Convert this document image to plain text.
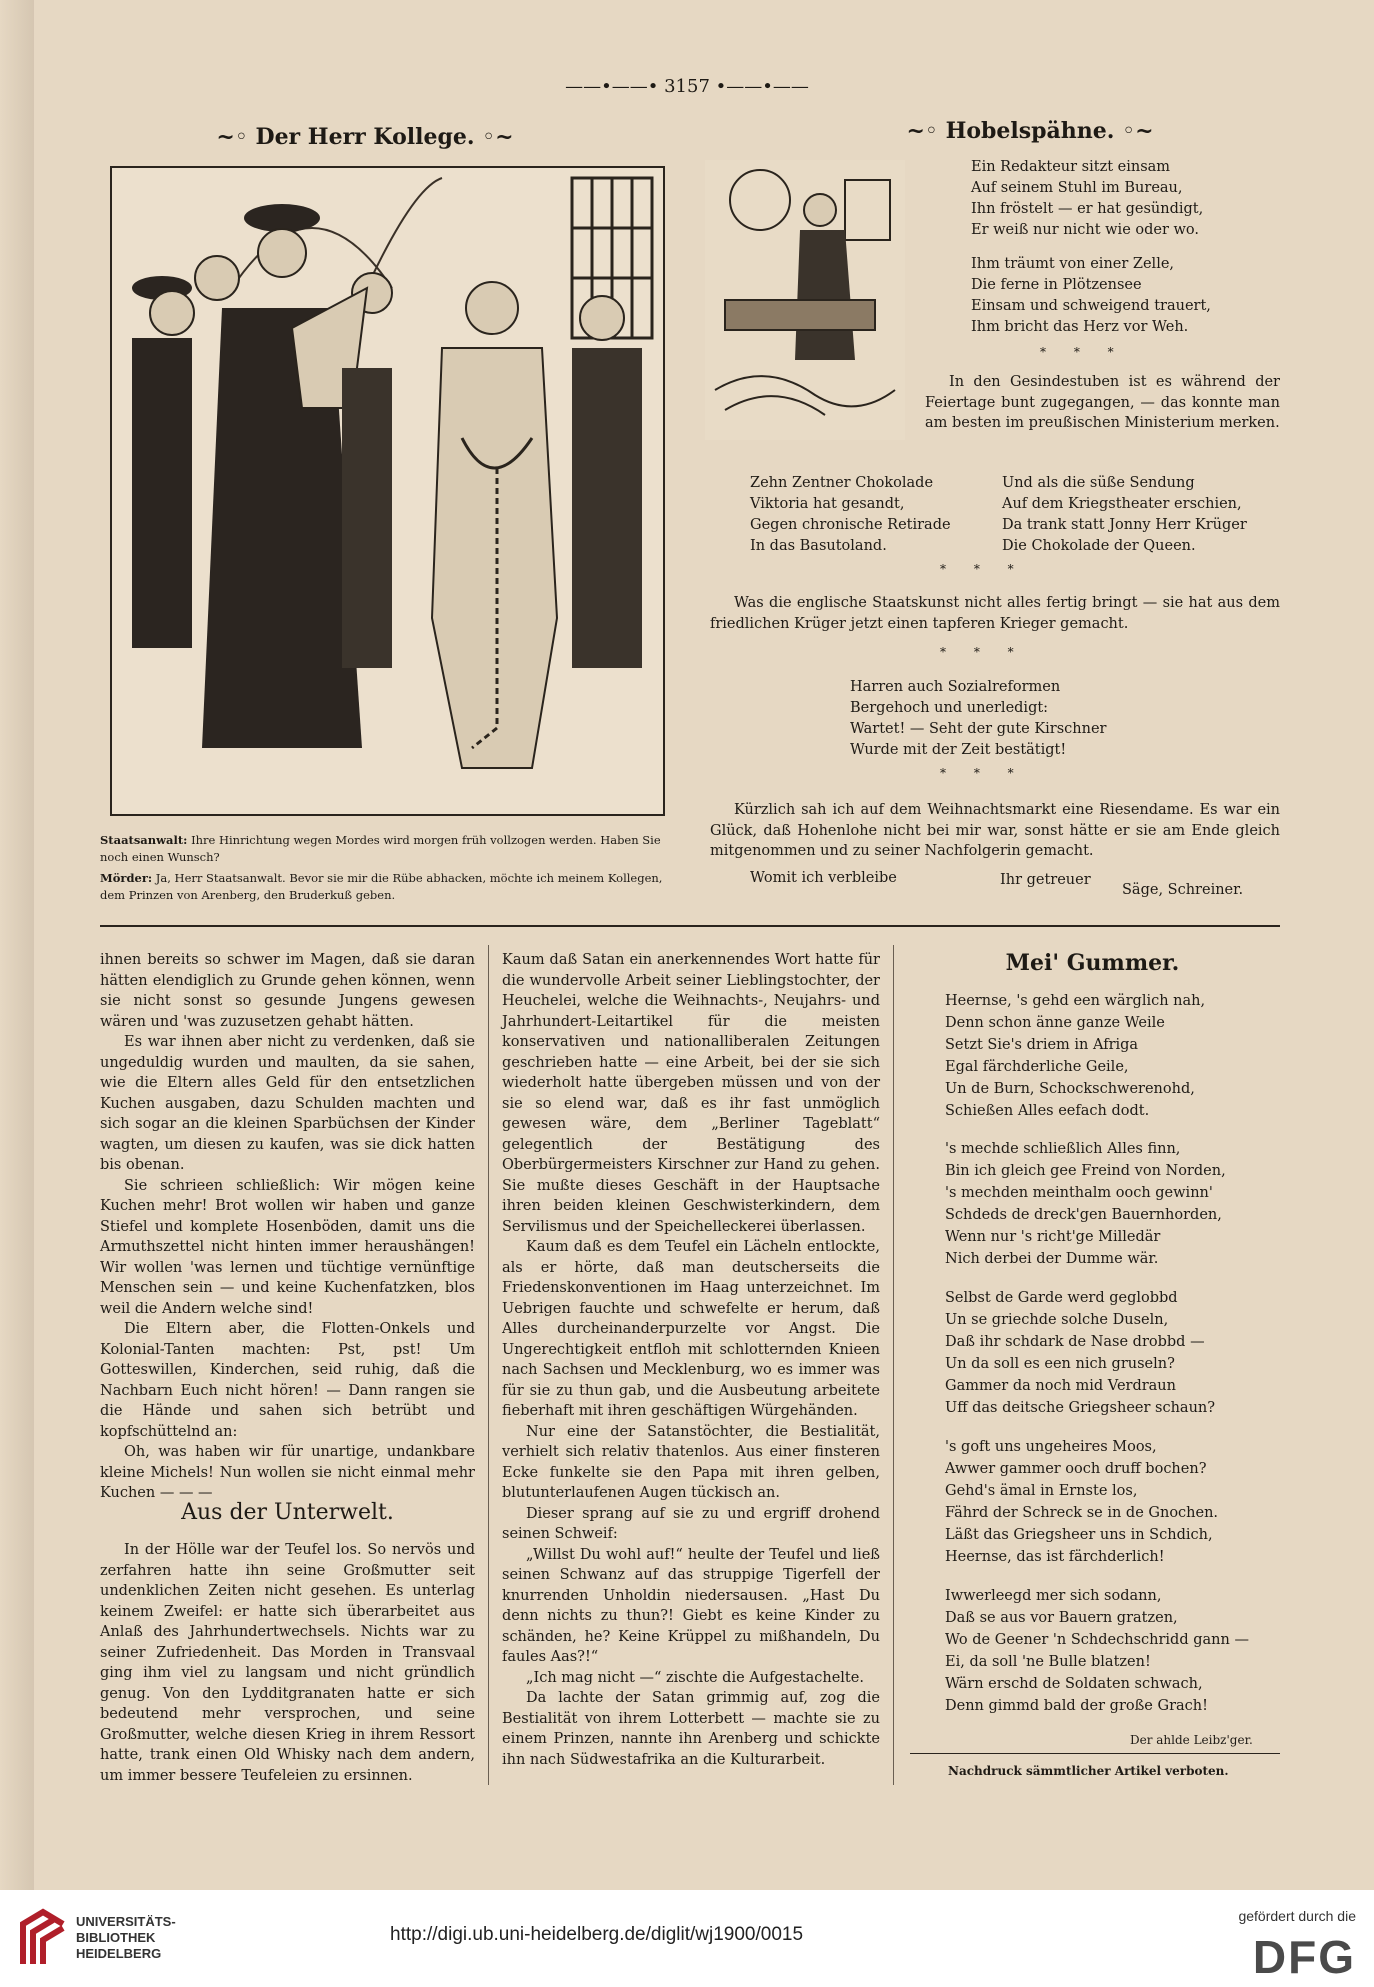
——•——• 3157 •——•——
~◦ Der Herr Kollege. ◦~

Staatsanwalt: Ihre Hinrichtung wegen Mordes wird morgen früh vollzogen werden. Haben Sie noch einen Wunsch?

Mörder: Ja, Herr Staatsanwalt. Bevor sie mir die Rübe abhacken, möchte ich meinem Kollegen, dem Prinzen von Arenberg, den Bruderkuß geben.

~◦ Hobelspähne. ◦~
Ein Redakteur sitzt einsam
Auf seinem Stuhl im Bureau,
Ihn fröstelt — er hat gesündigt,
Er weiß nur nicht wie oder wo.
Ihm träumt von einer Zelle,
Die ferne in Plötzensee
Einsam und schweigend trauert,
Ihm bricht das Herz vor Weh.
* * *

In den Gesindestuben ist es während der Feiertage bunt zugegangen, — das konnte man am besten im preußischen Ministerium merken.

Zehn Zentner Chokolade
Viktoria hat gesandt,
Gegen chronische Retirade
In das Basutoland.
Und als die süße Sendung
Auf dem Kriegstheater erschien,
Da trank statt Jonny Herr Krüger
Die Chokolade der Queen.
* * *

Was die englische Staatskunst nicht alles fertig bringt — sie hat aus dem friedlichen Krüger jetzt einen tapferen Krieger gemacht.

* * *
Harren auch Sozialreformen
Bergehoch und unerledigt:
Wartet! — Seht der gute Kirschner
Wurde mit der Zeit bestätigt!
* * *

Kürzlich sah ich auf dem Weihnachtsmarkt eine Riesendame. Es war ein Glück, daß Hohenlohe nicht bei mir war, sonst hätte er sie am Ende gleich mitgenommen und zu seiner Nachfolgerin gemacht.

Womit ich verbleibe	Ihr getreuer

Säge, Schreiner.

ihnen bereits so schwer im Magen, daß sie daran hätten elendiglich zu Grunde gehen können, wenn sie nicht sonst so gesunde Jungens gewesen wären und 'was zuzusetzen gehabt hätten.

Es war ihnen aber nicht zu verdenken, daß sie ungeduldig wurden und maulten, da sie sahen, wie die Eltern alles Geld für den entsetzlichen Kuchen ausgaben, dazu Schulden machten und sich sogar an die kleinen Sparbüchsen der Kinder wagten, um diesen zu kaufen, was sie dick hatten bis obenan.

Sie schrieen schließlich: Wir mögen keine Kuchen mehr! Brot wollen wir haben und ganze Stiefel und komplete Hosenböden, damit uns die Armuthszettel nicht hinten immer heraushängen! Wir wollen 'was lernen und tüchtige vernünftige Menschen sein — und keine Kuchenfatzken, blos weil die Andern welche sind!

Die Eltern aber, die Flotten-Onkels und Kolonial-Tanten machten: Pst, pst! Um Gotteswillen, Kinderchen, seid ruhig, daß die Nachbarn Euch nicht hören! — Dann rangen sie die Hände und sahen sich betrübt und kopfschüttelnd an:

Oh, was haben wir für unartige, undankbare kleine Michels! Nun wollen sie nicht einmal mehr Kuchen — — —

Aus der Unterwelt.

In der Hölle war der Teufel los. So nervös und zerfahren hatte ihn seine Großmutter seit undenklichen Zeiten nicht gesehen. Es unterlag keinem Zweifel: er hatte sich überarbeitet aus Anlaß des Jahrhundertwechsels. Nichts war zu seiner Zufriedenheit. Das Morden in Transvaal ging ihm viel zu langsam und nicht gründlich genug. Von den Lydditgranaten hatte er sich bedeutend mehr versprochen, und seine Großmutter, welche diesen Krieg in ihrem Ressort hatte, trank einen Old Whisky nach dem andern, um immer bessere Teufeleien zu ersinnen.

Kaum daß Satan ein anerkennendes Wort hatte für die wundervolle Arbeit seiner Lieblingstochter, der Heuchelei, welche die Weihnachts-, Neujahrs- und Jahrhundert-Leitartikel für die meisten konservativen und nationalliberalen Zeitungen geschrieben hatte — eine Arbeit, bei der sie sich wiederholt hatte übergeben müssen und von der sie so elend war, daß es ihr fast unmöglich gewesen wäre, dem „Berliner Tageblatt“ gelegentlich der Bestätigung des Oberbürgermeisters Kirschner zur Hand zu gehen. Sie mußte dieses Geschäft in der Hauptsache ihren beiden kleinen Geschwisterkindern, dem Servilismus und der Speichelleckerei überlassen.

Kaum daß es dem Teufel ein Lächeln entlockte, als er hörte, daß man deutscherseits die Friedenskonventionen im Haag unterzeichnet. Im Uebrigen fauchte und schwefelte er herum, daß Alles durcheinanderpurzelte vor Angst. Die Ungerechtigkeit entfloh mit schlotternden Knieen nach Sachsen und Mecklenburg, wo es immer was für sie zu thun gab, und die Ausbeutung arbeitete fieberhaft mit ihren geschäftigen Würgehänden.

Nur eine der Satanstöchter, die Bestialität, verhielt sich relativ thatenlos. Aus einer finsteren Ecke funkelte sie den Papa mit ihren gelben, blutunterlaufenen Augen tückisch an.

Dieser sprang auf sie zu und ergriff drohend seinen Schweif:

„Willst Du wohl auf!“ heulte der Teufel und ließ seinen Schwanz auf das struppige Tigerfell der knurrenden Unholdin niedersausen. „Hast Du denn nichts zu thun?! Giebt es keine Kinder zu schänden, he? Keine Krüppel zu mißhandeln, Du faules Aas?!“

„Ich mag nicht —“ zischte die Aufgestachelte.

Da lachte der Satan grimmig auf, zog die Bestialität von ihrem Lotterbett — machte sie zu einem Prinzen, nannte ihn Arenberg und schickte ihn nach Südwestafrika an die Kulturarbeit.

Mei' Gummer.
Heernse, 's gehd een wärglich nah,
Denn schon änne ganze Weile
Setzt Sie's driem in Afriga
Egal färchderliche Geile,
Un de Burn, Schockschwerenohd,
Schießen Alles eefach dodt.
's mechde schließlich Alles finn,
Bin ich gleich gee Freind von Norden,
's mechden meinthalm ooch gewinn'
Schdeds de dreck'gen Bauernhorden,
Wenn nur 's richt'ge Milledär
Nich derbei der Dumme wär.
Selbst de Garde werd geglobbd
Un se griechde solche Duseln,
Daß ihr schdark de Nase drobbd —
Un da soll es een nich gruseln?
Gammer da noch mid Verdraun
Uff das deitsche Griegsheer schaun?
's goft uns ungeheires Moos,
Awwer gammer ooch druff bochen?
Gehd's ämal in Ernste los,
Fährd der Schreck se in de Gnochen.
Läßt das Griegsheer uns in Schdich,
Heernse, das ist färchderlich!
Iwwerleegd mer sich sodann,
Daß se aus vor Bauern gratzen,
Wo de Geener 'n Schdechschridd gann —
Ei, da soll 'ne Bulle blatzen!
Wärn erschd de Soldaten schwach,
Denn gimmd bald der große Grach!
Der ahlde Leibz'ger.
Nachdruck sämmtlicher Artikel verboten.
UNIVERSITÄTS-
BIBLIOTHEK
HEIDELBERG
http://digi.ub.uni-heidelberg.de/diglit/wj1900/0015
gefördert durch die
DFG
